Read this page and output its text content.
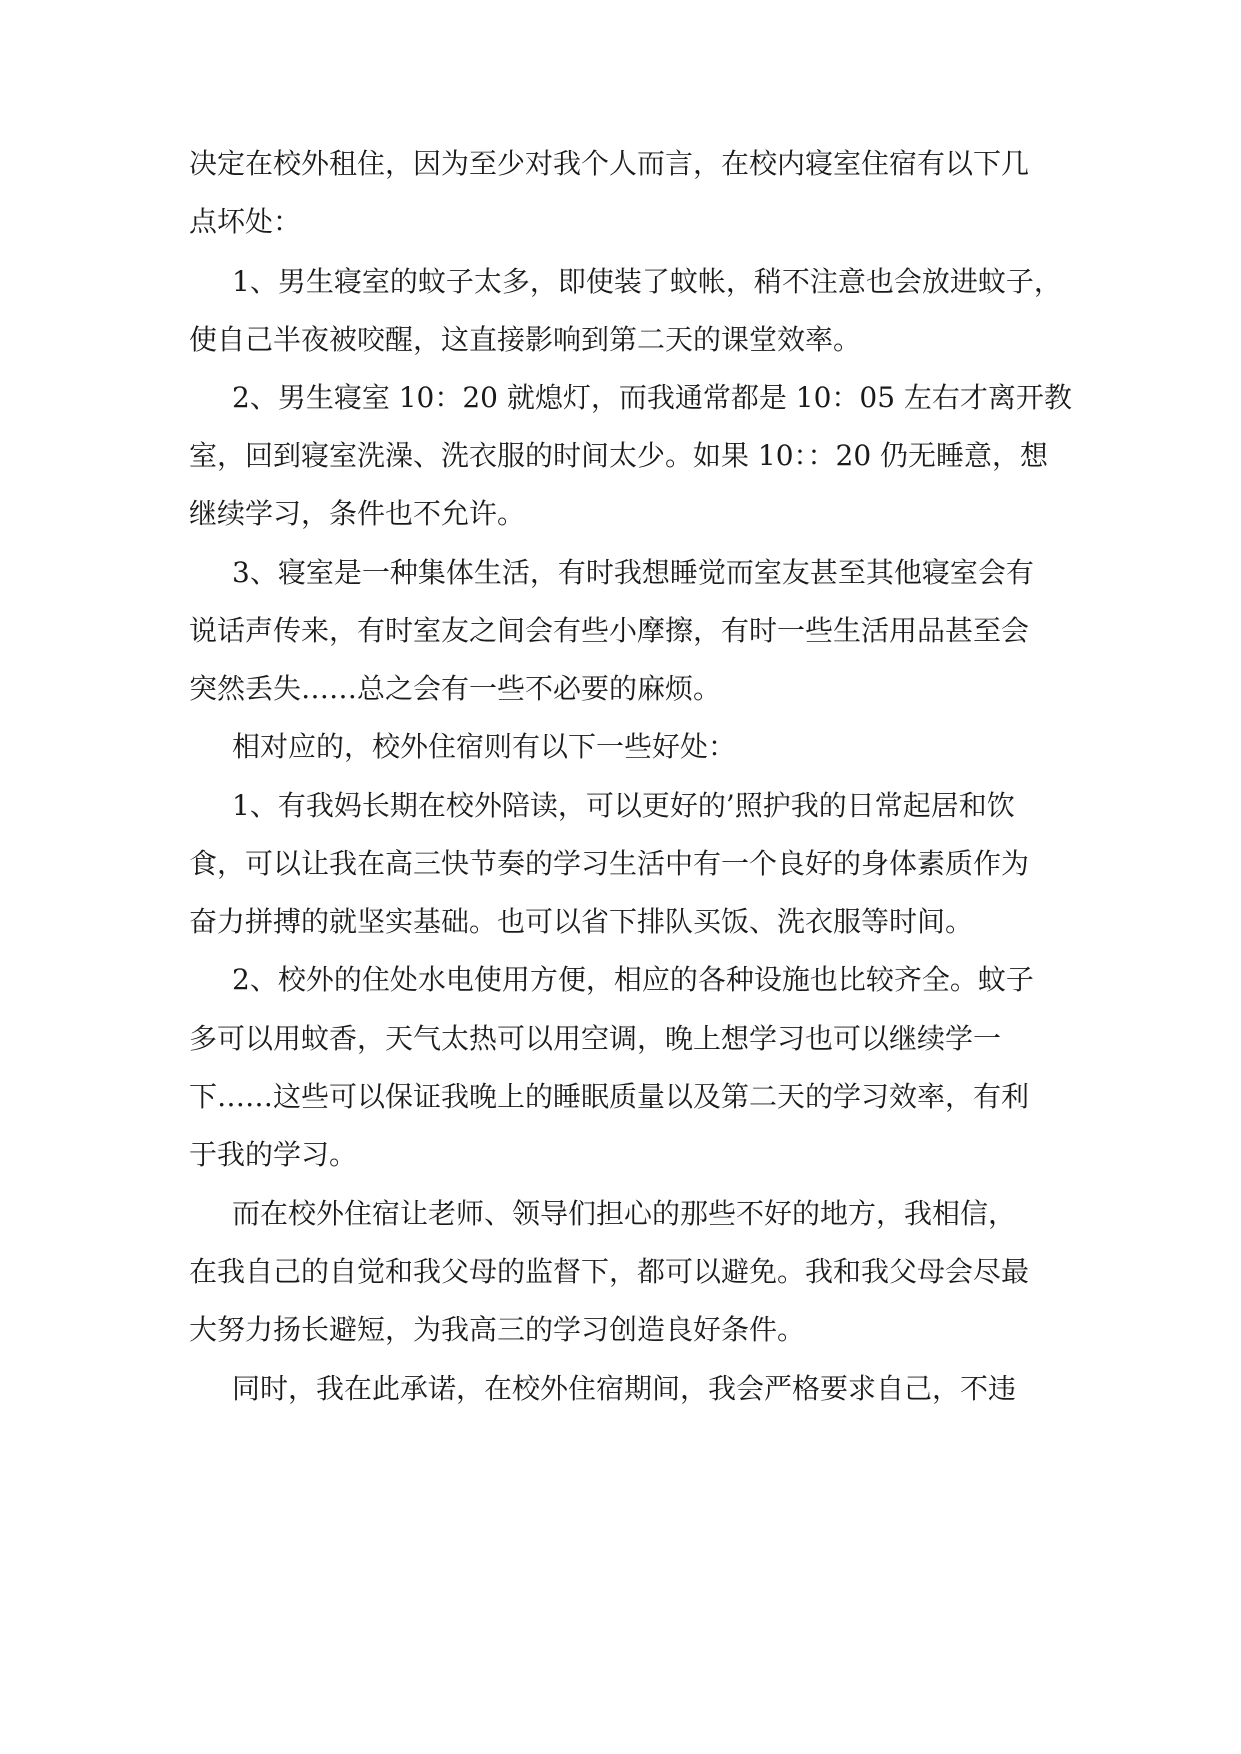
决定在校外租住，因为至少对我个人而言，在校内寝室住宿有以下几
点坏处：
1、男生寝室的蚊子太多，即使装了蚊帐，稍不注意也会放进蚊子，
使自己半夜被咬醒，这直接影响到第二天的课堂效率。
2、男生寝室 10：20 就熄灯，而我通常都是 10：05 左右才离开教
室，回到寝室洗澡、洗衣服的时间太少。如果 10：：20 仍无睡意，想
继续学习，条件也不允许。
3、寝室是一种集体生活，有时我想睡觉而室友甚至其他寝室会有
说话声传来，有时室友之间会有些小摩擦，有时一些生活用品甚至会
突然丢失……总之会有一些不必要的麻烦。
相对应的，校外住宿则有以下一些好处：
1、有我妈长期在校外陪读，可以更好的’照护我的日常起居和饮
食，可以让我在高三快节奏的学习生活中有一个良好的身体素质作为
奋力拼搏的就坚实基础。也可以省下排队买饭、洗衣服等时间。
2、校外的住处水电使用方便，相应的各种设施也比较齐全。蚊子
多可以用蚊香，天气太热可以用空调，晚上想学习也可以继续学一
下……这些可以保证我晚上的睡眠质量以及第二天的学习效率，有利
于我的学习。
而在校外住宿让老师、领导们担心的那些不好的地方，我相信，
在我自己的自觉和我父母的监督下，都可以避免。我和我父母会尽最
大努力扬长避短，为我高三的学习创造良好条件。
同时，我在此承诺，在校外住宿期间，我会严格要求自己，不违
